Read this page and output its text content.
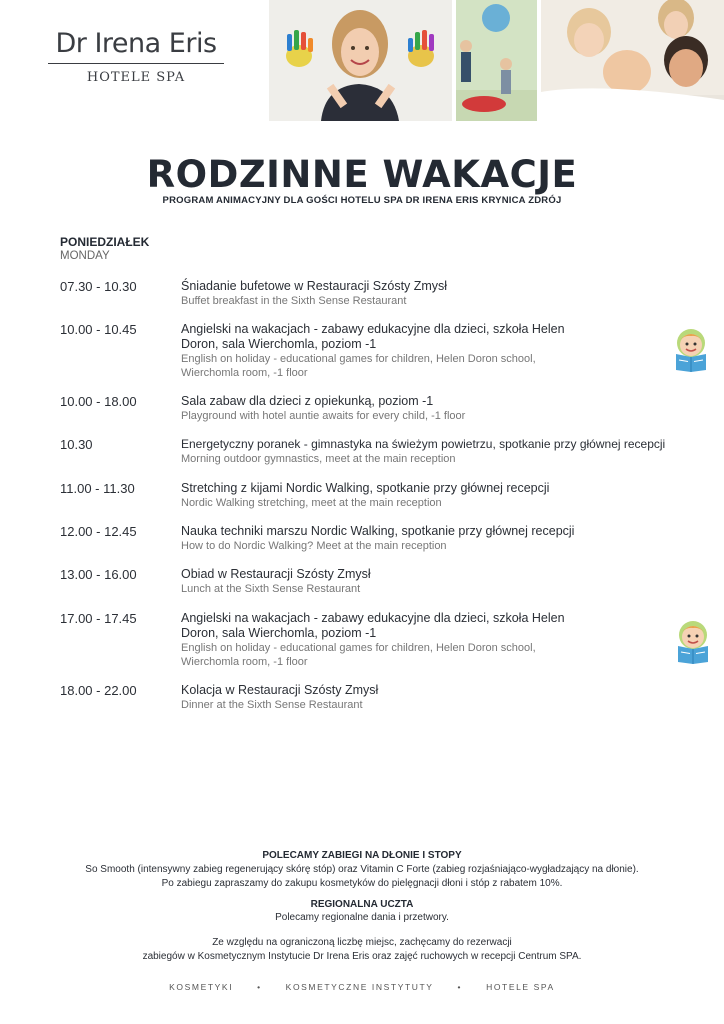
Dr Irena Eris
HOTELE SPA
RODZINNE WAKACJE
PROGRAM ANIMACYJNY DLA GOŚCI HOTELU SPA DR IRENA ERIS KRYNICA ZDRÓJ
PONIEDZIAŁEK
MONDAY
07.30 - 10.30	Śniadanie bufetowe w Restauracji Szósty Zmysł
Buffet breakfast in the Sixth Sense Restaurant
10.00 - 10.45	Angielski na wakacjach - zabawy edukacyjne dla dzieci, szkoła Helen Doron, sala Wierchomla, poziom -1
English on holiday - educational games for children, Helen Doron school, Wierchomla room, -1 floor
10.00 - 18.00	Sala zabaw dla dzieci z opiekunką, poziom -1
Playground with hotel auntie awaits for every child, -1 floor
10.30	Energetyczny poranek - gimnastyka na świeżym powietrzu, spotkanie przy głównej recepcji
Morning outdoor gymnastics, meet at the main reception
11.00 - 11.30	Stretching z kijami Nordic Walking, spotkanie przy głównej recepcji
Nordic Walking stretching, meet at the main reception
12.00 - 12.45	Nauka techniki marszu Nordic Walking, spotkanie przy głównej recepcji
How to do Nordic Walking? Meet at the main reception
13.00 - 16.00	Obiad w Restauracji Szósty Zmysł
Lunch at the Sixth Sense Restaurant
17.00 - 17.45	Angielski na wakacjach - zabawy edukacyjne dla dzieci, szkoła Helen Doron, sala Wierchomla, poziom -1
English on holiday - educational games for children, Helen Doron school, Wierchomla room, -1 floor
18.00 - 22.00	Kolacja w Restauracji Szósty Zmysł
Dinner at the Sixth Sense Restaurant
POLECAMY ZABIEGI NA DŁONIE I STOPY
So Smooth (intensywny zabieg regenerujący skórę stóp) oraz Vitamin C Forte (zabieg rozjaśniająco-wygładzający na dłonie).
Po zabiegu zapraszamy do zakupu kosmetyków do pielęgnacji dłoni i stóp z rabatem 10%.
REGIONALNA UCZTA
Polecamy regionalne dania i przetwory.
Ze względu na ograniczoną liczbę miejsc, zachęcamy do rezerwacji
zabiegów w Kosmetycznym Instytucie Dr Irena Eris oraz zajęć ruchowych w recepcji Centrum SPA.
KOSMETYKI	•	KOSMETYCZNE INSTYTUTY	•	HOTELE SPA
